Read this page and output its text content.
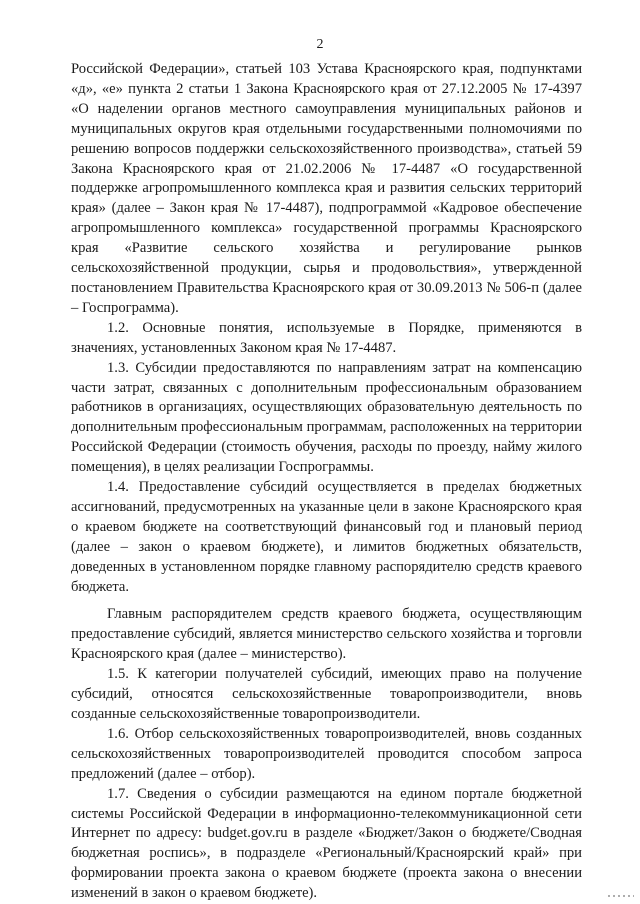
2

Российской Федерации», статьей 103 Устава Красноярского края, подпунктами «д», «е» пункта 2 статьи 1 Закона Красноярского края от 27.12.2005 № 17-4397 «О наделении органов местного самоуправления муниципальных районов и муниципальных округов края отдельными государственными полномочиями по решению вопросов поддержки сельскохозяйственного производства», статьей 59 Закона Красноярского края от 21.02.2006 № 17-4487 «О государственной поддержке агропромышленного комплекса края и развития сельских территорий края» (далее – Закон края № 17-4487), подпрограммой «Кадровое обеспечение агропромышленного комплекса» государственной программы Красноярского края «Развитие сельского хозяйства и регулирование рынков сельскохозяйственной продукции, сырья и продовольствия», утвержденной постановлением Правительства Красноярского края от 30.09.2013 № 506-п (далее – Госпрограмма).

1.2. Основные понятия, используемые в Порядке, применяются в значениях, установленных Законом края № 17-4487.

1.3. Субсидии предоставляются по направлениям затрат на компенсацию части затрат, связанных с дополнительным профессиональным образованием работников в организациях, осуществляющих образовательную деятельность по дополнительным профессиональным программам, расположенных на территории Российской Федерации (стоимость обучения, расходы по проезду, найму жилого помещения), в целях реализации Госпрограммы.

1.4. Предоставление субсидий осуществляется в пределах бюджетных ассигнований, предусмотренных на указанные цели в законе Красноярского края о краевом бюджете на соответствующий финансовый год и плановый период (далее – закон о краевом бюджете), и лимитов бюджетных обязательств, доведенных в установленном порядке главному распорядителю средств краевого бюджета.

Главным распорядителем средств краевого бюджета, осуществляющим предоставление субсидий, является министерство сельского хозяйства и торговли Красноярского края (далее – министерство).

1.5. К категории получателей субсидий, имеющих право на получение субсидий, относятся сельскохозяйственные товаропроизводители, вновь созданные сельскохозяйственные товаропроизводители.

1.6. Отбор сельскохозяйственных товаропроизводителей, вновь созданных сельскохозяйственных товаропроизводителей проводится способом запроса предложений (далее – отбор).

1.7. Сведения о субсидии размещаются на едином портале бюджетной системы Российской Федерации в информационно-телекоммуникационной сети Интернет по адресу: budget.gov.ru в разделе «Бюджет/Закон о бюджете/Сводная бюджетная роспись», в подразделе «Региональный/Красноярский край» при формировании проекта закона о краевом бюджете (проекта закона о внесении изменений в закон о краевом бюджете).
